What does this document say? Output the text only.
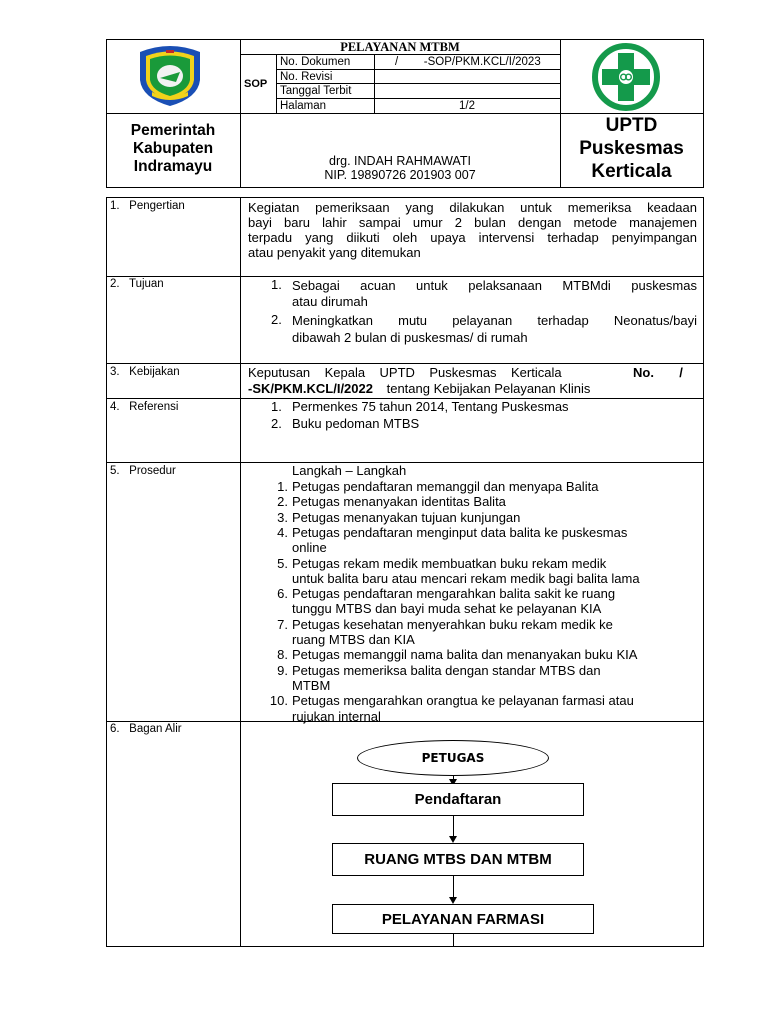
PELAYANAN MTBM
SOP
No. Dokumen	/        -SOP/PKM.KCL/I/2023
No. Revisi
Tanggal Terbit
Halaman	1/2
Pemerintah
Kabupaten
Indramayu	drg. INDAH RAHMAWATI
NIP. 19890726 201903 007
UPTD
Puskesmas
Kerticala
1.   Pengertian	Kegiatan pemeriksaan yang dilakukan untuk memeriksa keadaan
bayi baru lahir sampai umur 2 bulan dengan metode manajemen
terpadu yang diikuti oleh upaya intervensi terhadap penyimpangan
atau penyakit yang ditemukan
2.   Tujuan	1. Sebagai acuan untuk pelaksanaan MTBMdi puskesmas
atau dirumah
2. Meningkatkan mutu pelayanan terhadap Neonatus/bayi
dibawah 2 bulan di puskesmas/ di rumah
3.   Kebijakan	Keputusan    Kepala    UPTD    Puskesmas    Kerticala	No.       /
-SK/PKM.KCL/I/2022 tentang Kebijakan Pelayanan Klinis
4.   Referensi	1. Permenkes 75 tahun 2014, Tentang Puskesmas
2. Buku pedoman MTBS
5.   Prosedur	Langkah – Langkah
1. Petugas pendaftaran memanggil dan menyapa Balita
2. Petugas menanyakan identitas Balita
3. Petugas menanyakan tujuan kunjungan
4. Petugas pendaftaran menginput data balita ke puskesmas
online
5. Petugas rekam medik membuatkan buku rekam medik
untuk balita baru atau mencari rekam medik bagi balita lama
6. Petugas pendaftaran mengarahkan balita sakit ke ruang
tunggu MTBS dan bayi muda sehat ke pelayanan KIA
7. Petugas kesehatan menyerahkan buku rekam medik ke
ruang MTBS dan KIA
8. Petugas memanggil nama balita dan menanyakan buku KIA
9. Petugas memeriksa balita dengan standar MTBS dan
MTBM
10. Petugas mengarahkan orangtua ke pelayanan farmasi atau
rujukan internal
6.   Bagan Alir
PETUGAS
Pendaftaran
RUANG MTBS DAN MTBM
PELAYANAN FARMASI
